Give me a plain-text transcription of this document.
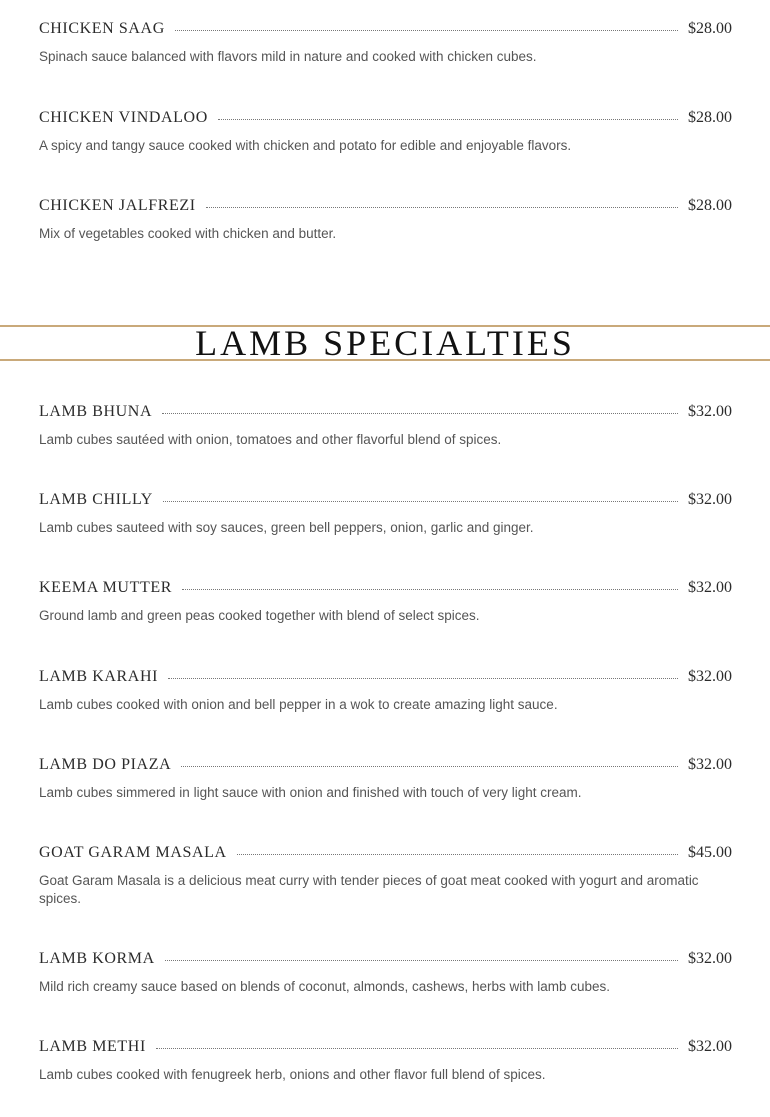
CHICKEN SAAG	$28.00
Spinach sauce balanced with flavors mild in nature and cooked with chicken cubes.
CHICKEN VINDALOO	$28.00
A spicy and tangy sauce cooked with chicken and potato for edible and enjoyable flavors.
CHICKEN JALFREZI	$28.00
Mix of vegetables cooked with chicken and butter.
LAMB SPECIALTIES
LAMB BHUNA	$32.00
Lamb cubes sautéed with onion, tomatoes and other flavorful blend of spices.
LAMB CHILLY	$32.00
Lamb cubes sauteed with soy sauces, green bell peppers, onion, garlic and ginger.
KEEMA MUTTER	$32.00
Ground lamb and green peas cooked together with blend of select spices.
LAMB KARAHI	$32.00
Lamb cubes cooked with onion and bell pepper in a wok to create amazing light sauce.
LAMB DO PIAZA	$32.00
Lamb cubes simmered in light sauce with onion and finished with touch of very light cream.
GOAT GARAM MASALA	$45.00
Goat Garam Masala is a delicious meat curry with tender pieces of goat meat cooked with yogurt and aromatic spices.
LAMB KORMA	$32.00
Mild rich creamy sauce based on blends of coconut, almonds, cashews, herbs with lamb cubes.
LAMB METHI	$32.00
Lamb cubes cooked with fenugreek herb, onions and other flavor full blend of spices.
